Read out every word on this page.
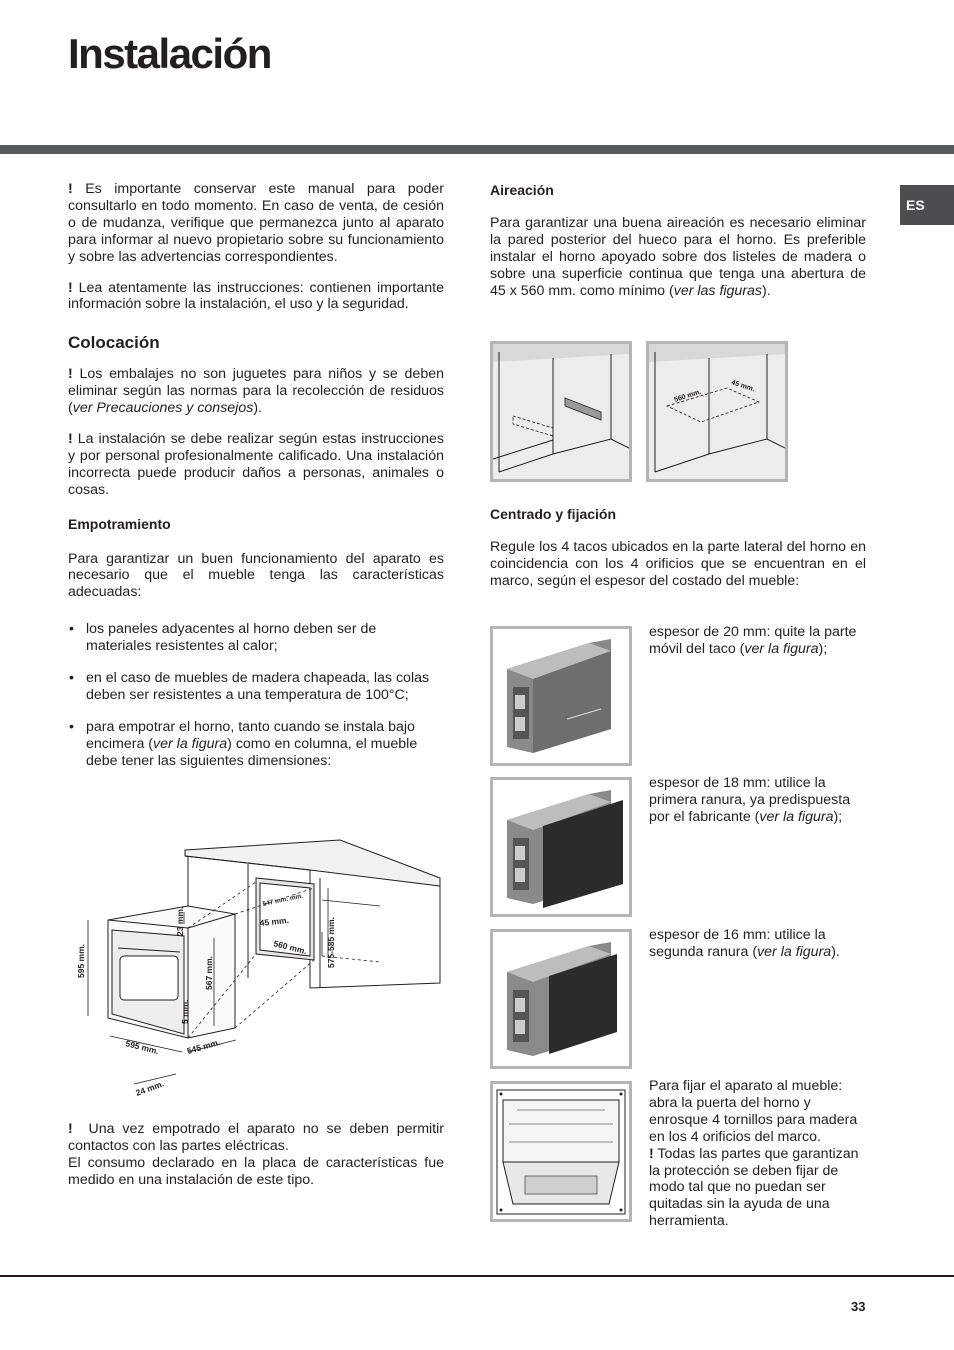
Instalación
ES

! Es importante conservar este manual para poder consultarlo en todo momento. En caso de venta, de cesión o de mudanza, verifique que permanezca junto al aparato para informar al nuevo propietario sobre su funcionamiento y sobre las advertencias correspondientes.

! Lea atentamente las instrucciones: contienen importante información sobre la instalación, el uso y la seguridad.

Colocación

! Los embalajes no son juguetes para niños y se deben eliminar según las normas para la recolección de residuos (ver Precauciones y consejos).

! La instalación se debe realizar según estas instrucciones y por personal profesionalmente calificado. Una instalación incorrecta puede producir daños a personas, animales o cosas.

Empotramiento

Para garantizar un buen funcionamiento del aparato es necesario que el mueble tenga las características adecuadas:

• los paneles adyacentes al horno deben ser de materiales resistentes al calor;
• en el caso de muebles de madera chapeada, las colas deben ser resistentes a una temperatura de 100°C;
• para empotrar el horno, tanto cuando se instala bajo encimera (ver la figura) como en columna, el mueble debe tener las siguientes dimensiones:
595 mm.
23 mm.
567 mm.
5 mm.
595 mm.	545 mm.
24 mm.
547 mm. min.
45 mm.
560 mm. 575-585 mm.

! Una vez empotrado el aparato no se deben permitir contactos con las partes eléctricas.
El consumo declarado en la placa de características fue medido en una instalación de este tipo.

Aireación

Para garantizar una buena aireación es necesario eliminar la pared posterior del hueco para el horno. Es preferible instalar el horno apoyado sobre dos listeles de madera o sobre una superficie continua que tenga una abertura de 45 x 560 mm. como mínimo (ver las figuras).

560 mm.
45 mm.
Centrado y fijación

Regule los 4 tacos ubicados en la parte lateral del horno en coincidencia con los 4 orificios que se encuentran en el marco, según el espesor del costado del mueble:

espesor de 20 mm: quite la parte móvil del taco (ver la figura);
espesor de 18 mm: utilice la primera ranura, ya predispuesta por el fabricante (ver la figura);
espesor de 16 mm: utilice la segunda ranura (ver la figura).
Para fijar el aparato al mueble: abra la puerta del horno y enrosque 4 tornillos para madera en los 4 orificios del marco.
! Todas las partes que garantizan la protección se deben fijar de modo tal que no puedan ser quitadas sin la ayuda de una herramienta.
33
